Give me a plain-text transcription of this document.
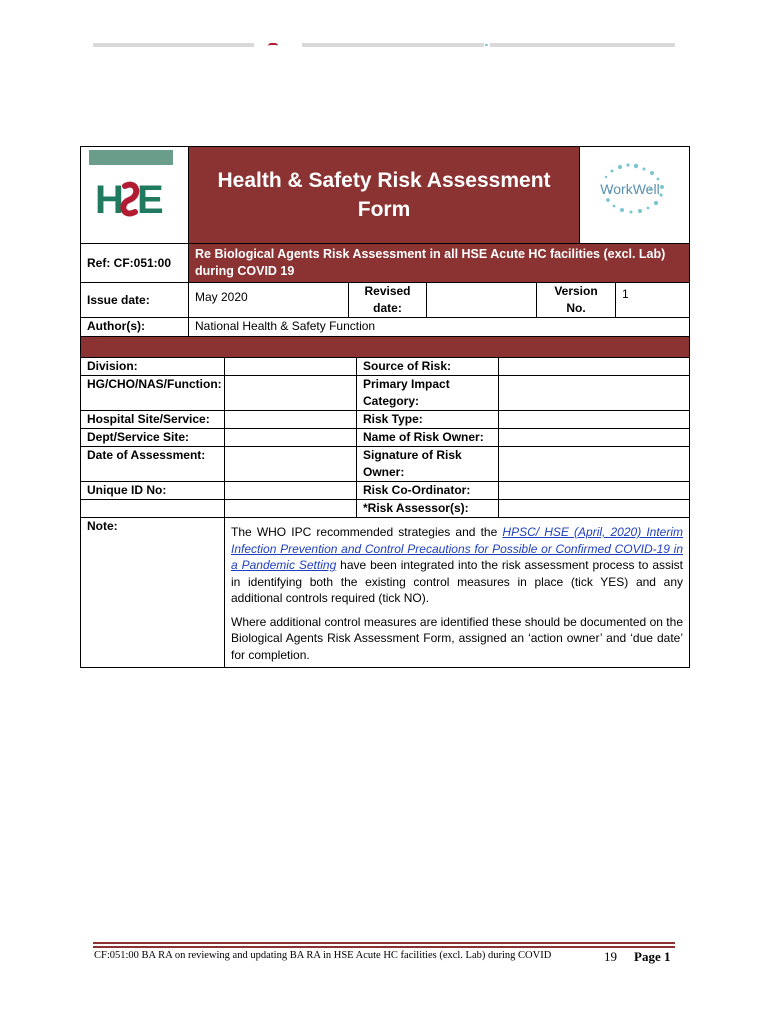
H E	Health & Safety Risk Assessment
Form

WorkWell
Ref: CF:051:00	Re Biological Agents Risk Assessment in all HSE Acute HC facilities (excl. Lab) during COVID 19				
Issue date:	May 2020	Revised date:		Version No.	1
Author(s):	National Health & Safety Function				

Division:		Source of Risk:	
HG/CHO/NAS/Function:		Primary Impact Category:	
Hospital Site/Service:		Risk Type:	
Dept/Service Site:		Name of Risk Owner:	
Date of Assessment:		Signature of Risk Owner:	
Unique ID No:		Risk Co-Ordinator:	
		*Risk Assessor(s):	
Note:	The WHO IPC recommended strategies and the HPSC/ HSE (April, 2020) Interim Infection Prevention and Control Precautions for Possible or Confirmed COVID-19 in a Pandemic Setting have been integrated into the risk assessment process to assist in identifying both the existing control measures in place (tick YES) and any additional controls required (tick NO).

Where additional control measures are identified these should be documented on the Biological Agents Risk Assessment Form, assigned an ‘action owner’ and ‘due date’ for completion.		

CF:051:00 BA RA on reviewing and updating BA RA in HSE Acute HC facilities (excl. Lab) during COVID	19 Page 1
